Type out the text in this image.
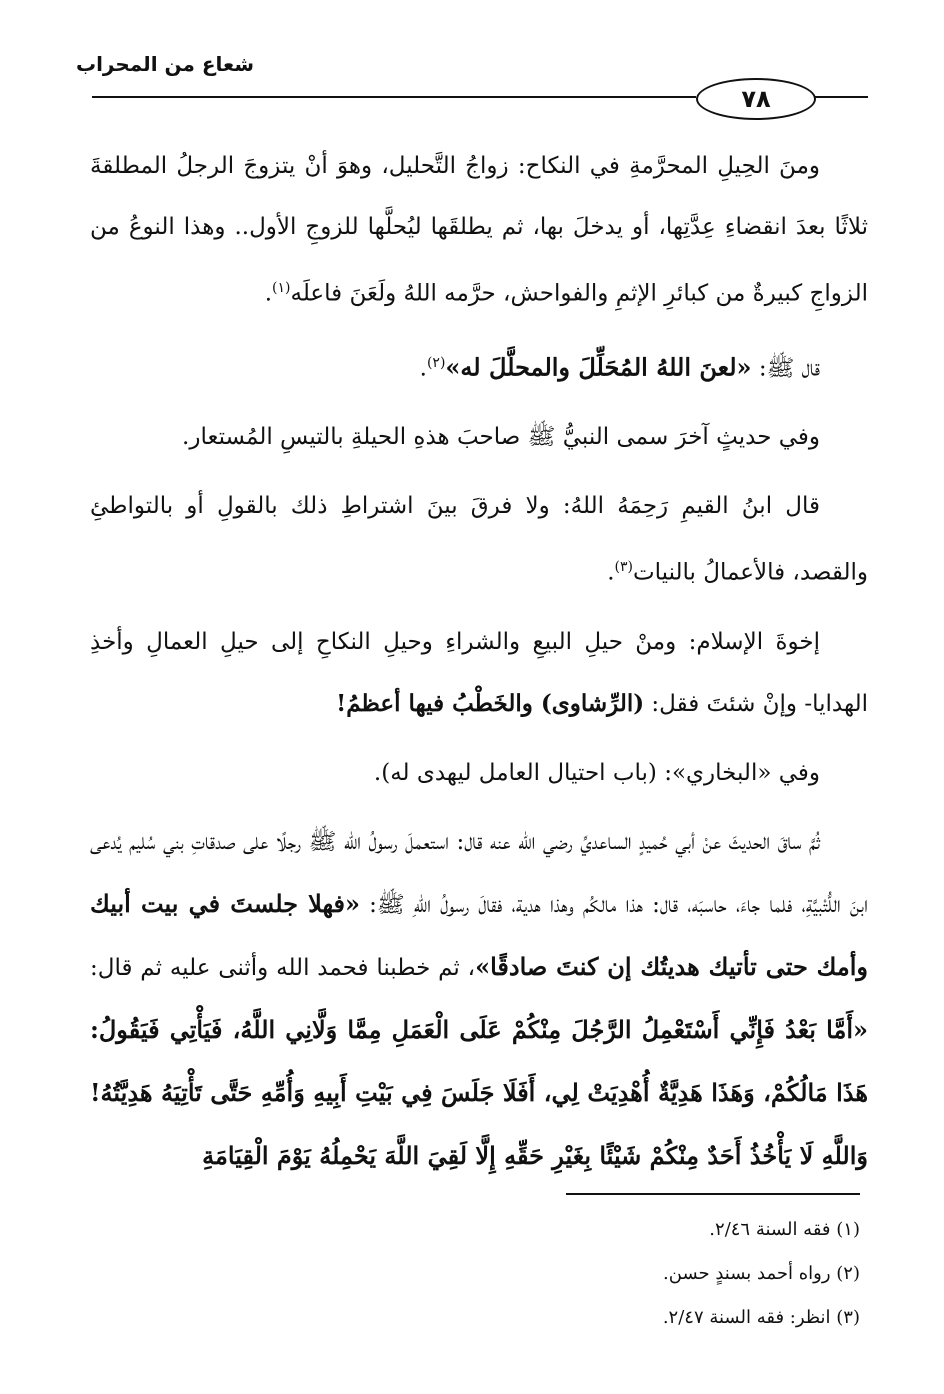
شعاع من المحراب
٧٨

ومنَ الحِيلِ المحرَّمةِ في النكاح: زواجُ التَّحليل، وهوَ أنْ يتزوجَ الرجلُ المطلقةَ ثلاثًا بعدَ انقضاءِ عِدَّتِها، أو يدخلَ بها، ثم يطلقَها ليُحلَّها للزوجِ الأول.. وهذا النوعُ من الزواجِ كبيرةٌ من كبائرِ الإثمِ والفواحش، حرَّمه اللهُ ولَعَنَ فاعلَه$^{(١)}$.

قال ﷺ: «لعنَ اللهُ المُحَلِّلَ والمحلَّلَ له»$^{(٢)}$.

وفي حديثٍ آخرَ سمى النبيُّ ﷺ صاحبَ هذهِ الحيلةِ بالتيسِ المُستعار.

قال ابنُ القيمِ رَحِمَهُ اللهُ: ولا فرقَ بينَ اشتراطِ ذلك بالقولِ أو بالتواطئِ والقصد، فالأعمالُ بالنيات$^{(٣)}$.

إخوةَ الإسلام: ومنْ حيلِ البيعِ والشراءِ وحيلِ النكاحِ إلى حيلِ العمالِ وأخذِ الهدايا- وإنْ شئتَ فقل: (الرِّشاوى) والخَطْبُ فيها أعظمُ!

وفي «البخاري»: (باب احتيال العامل ليهدى له).

ثُمَّ ساقَ الحديثَ عنْ أبي حُميدٍ الساعديِّ رضي الله عنه قال: استعملَ رسولُ الله ﷺ رجلًا على صدقاتِ بني سُليم يُدعى ابنَ اللُّتْبيَّةِ، فلما جاءَ، حاسبَه، قال: هذا مالكُم وهذا هدية، فقالَ رسولُ اللهِ ﷺ: «فهلا جلستَ في بيت أبيك وأمك حتى تأتيك هديتُك إن كنتَ صادقًا»، ثم خطبنا فحمد الله وأثنى عليه ثم قال: «أَمَّا بَعْدُ فَإِنِّي أَسْتَعْمِلُ الرَّجُلَ مِنْكُمْ عَلَى الْعَمَلِ مِمَّا وَلَّانِي اللَّهُ، فَيَأْتِي فَيَقُولُ: هَذَا مَالُكُمْ، وَهَذَا هَدِيَّةٌ أُهْدِيَتْ لِي، أَفَلَا جَلَسَ فِي بَيْتِ أَبِيهِ وَأُمِّهِ حَتَّى تَأْتِيَهُ هَدِيَّتُهُ! وَاللَّهِ لَا يَأْخُذُ أَحَدٌ مِنْكُمْ شَيْئًا بِغَيْرِ حَقِّهِ إِلَّا لَقِيَ اللَّهَ يَحْمِلُهُ يَوْمَ الْقِيَامَةِ

(١) فقه السنة ٢/٤٦.
(٢) رواه أحمد بسندٍ حسن.
(٣) انظر: فقه السنة ٢/٤٧.
